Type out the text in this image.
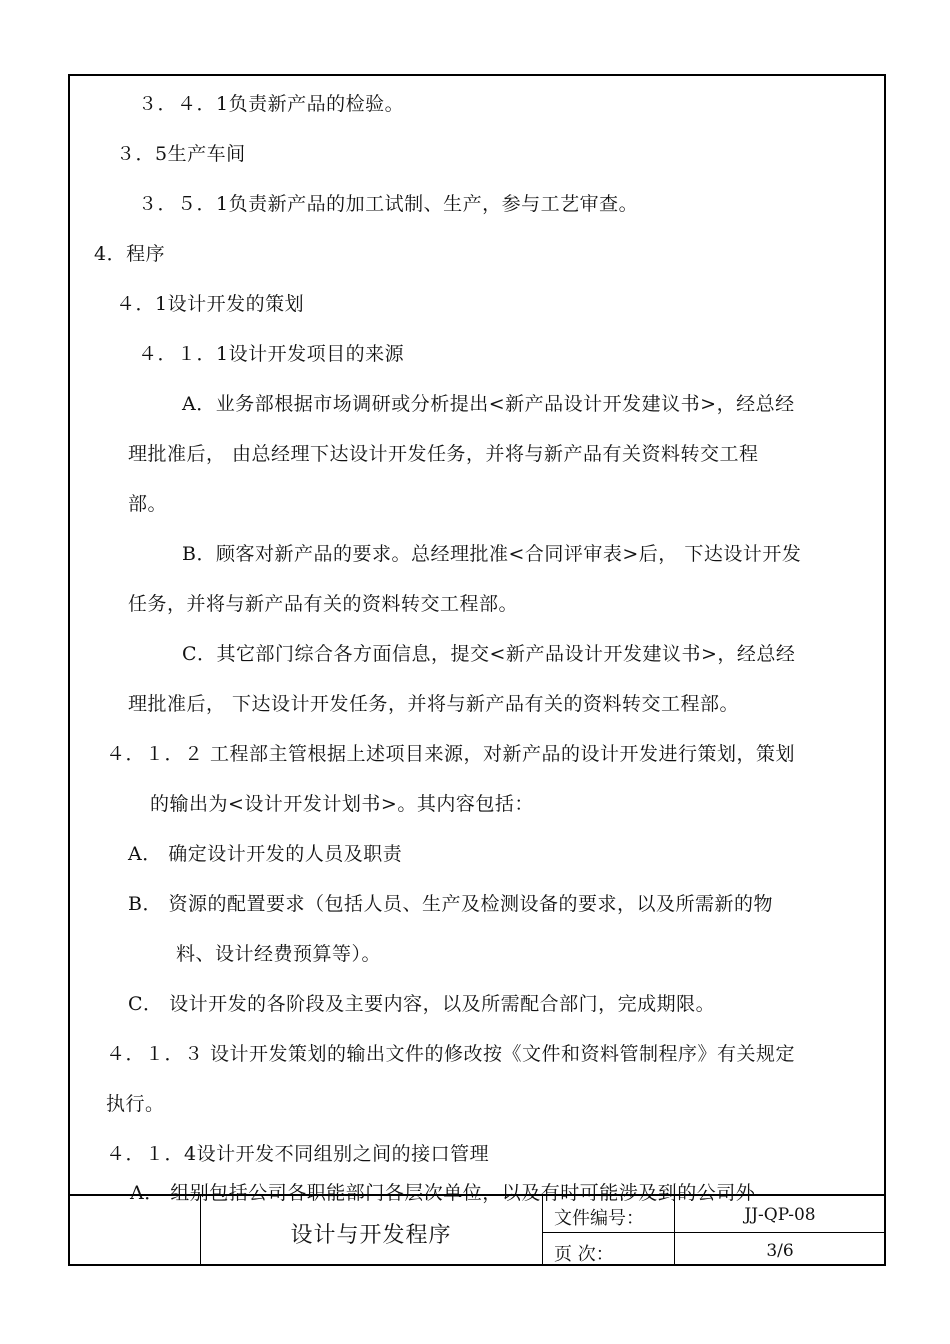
３．４．1负责新产品的检验。
３．5生产车间
３．５．1负责新产品的加工试制、生产，参与工艺审查。
4．程序
４．1设计开发的策划
４．１．1设计开发项目的来源
A．业务部根据市场调研或分析提出<新产品设计开发建议书>，经总经
理批准后， 由总经理下达设计开发任务，并将与新产品有关资料转交工程
部。
B．顾客对新产品的要求。总经理批准<合同评审表>后， 下达设计开发
任务，并将与新产品有关的资料转交工程部。
C．其它部门综合各方面信息，提交<新产品设计开发建议书>，经总经
理批准后， 下达设计开发任务，并将与新产品有关的资料转交工程部。
４．１．２ 工程部主管根据上述项目来源，对新产品的设计开发进行策划，策划
的输出为<设计开发计划书>。其内容包括：
A． 确定设计开发的人员及职责
B． 资源的配置要求（包括人员、生产及检测设备的要求，以及所需新的物
料、设计经费预算等）。
C． 设计开发的各阶段及主要内容，以及所需配合部门，完成期限。
４．１．３ 设计开发策划的输出文件的修改按《文件和资料管制程序》有关规定
执行。
４．１．4设计开发不同组别之间的接口管理
A． 组别包括公司各职能部门各层次单位，以及有时可能涉及到的公司外
设计与开发程序
文件编号：	JJ-QP-08
页 次：	3/6
